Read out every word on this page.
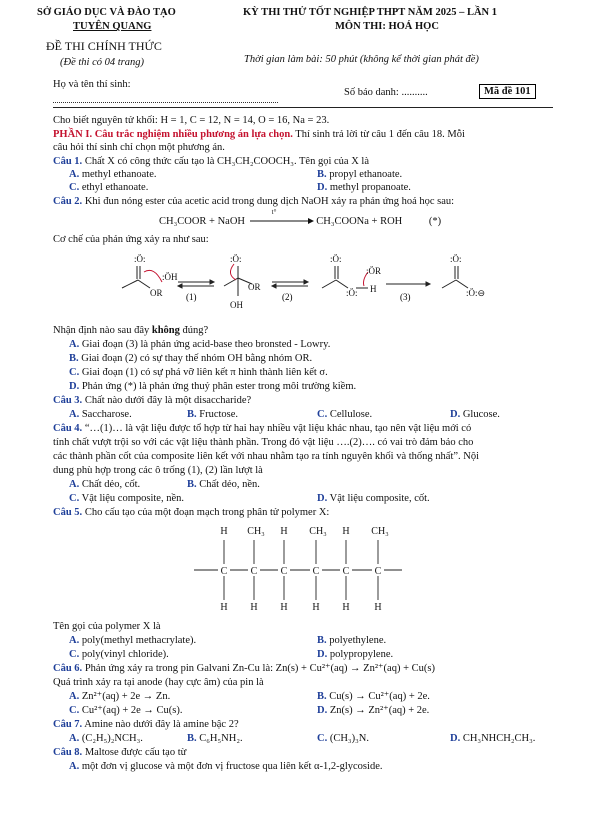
SỞ GIÁO DỤC VÀ ĐÀO TẠO
TUYÊN QUANG
ĐỀ THI CHÍNH THỨC
(Đề thi có 04 trang)
KỲ THI THỬ TỐT NGHIỆP THPT NĂM 2025 – LẦN 1
MÔN THI: HOÁ HỌC
Thời gian làm bài: 50 phút (không kể thời gian phát đề)
Họ và tên thí sinh:
Số báo danh: ..........	Mã đề 101
Cho biết nguyên tử khối: H = 1, C = 12, N = 14, O = 16, Na = 23.
PHẦN I. Câu trắc nghiệm nhiều phương án lựa chọn. Thí sinh trả lời từ câu 1 đến câu 18. Mỗi
câu hỏi thí sinh chỉ chọn một phương án.
Câu 1. Chất X có công thức cấu tạo là CH₃CH₂COOCH₃. Tên gọi của X là
A. methyl ethanoate.	B. propyl ethanoate.
C. ethyl ethanoate.	D. methyl propanoate.
Câu 2. Khi đun nóng ester của acetic acid trong dung dịch NaOH xảy ra phản ứng hoá học sau:
CH₃COOR + NaOH
t°
CH₃COONa + ROH	(*)
Cơ chế của phản ứng xảy ra như sau:
:Ö:
OR
:ÖH
:Ö:
OR
OH
:Ö:
:Ö: H
:ÖR
:Ö:
:Ö:⊖
(1)	(2)	(3)
Nhận định nào sau đây không đúng?
A. Giai đoạn (3) là phản ứng acid-base theo bronsted - Lowry.
B. Giai đoạn (2) có sự thay thế nhóm OH bằng nhóm OR.
C. Giai đoạn (1) có sự phá vỡ liên kết π hình thành liên kết σ.
D. Phản ứng (*) là phản ứng thuỷ phân ester trong môi trường kiềm.
Câu 3. Chất nào dưới đây là một disaccharide?
A. Saccharose.	B. Fructose.	C. Cellulose.	D. Glucose.
Câu 4. “…(1)… là vật liệu được tổ hợp từ hai hay nhiều vật liệu khác nhau, tạo nên vật liệu mới có
tính chất vượt trội so với các vật liệu thành phần. Trong đó vật liệu ….(2)…. có vai trò đảm bảo cho
các thành phần cốt của composite liên kết với nhau nhằm tạo ra tính nguyên khối và thống nhất”. Nội
dung phù hợp trong các ô trống (1), (2) lần lượt là
A. Chất dẻo, cốt.	B. Chất dẻo, nền.
C. Vật liệu composite, nền.	D. Vật liệu composite, cốt.
Câu 5. Cho cấu tạo của một đoạn mạch trong phân tử polymer X:
H CH₃ H CH₃ H CH₃
C C C	C C	C
H H H H H H
Tên gọi của polymer X là
A. poly(methyl methacrylate).	B. polyethylene.
C. poly(vinyl chloride).	D. polypropylene.
Câu 6. Phản ứng xảy ra trong pin Galvani Zn-Cu là: Zn(s) + Cu²⁺(aq) → Zn²⁺(aq) + Cu(s)
Quá trình xảy ra tại anode (hay cực âm) của pin là
A. Zn²⁺(aq) + 2e → Zn.	B. Cu(s) → Cu²⁺(aq) + 2e.
C. Cu²⁺(aq) + 2e → Cu(s).	D. Zn(s) → Zn²⁺(aq) + 2e.
Câu 7. Amine nào dưới đây là amine bậc 2?
A. (C₂H₅)₂NCH₃.	B. C₆H₅NH₂.	C. (CH₃)₃N.	D. CH₃NHCH₂CH₃.
Câu 8. Maltose được cấu tạo từ
A. một đơn vị glucose và một đơn vị fructose qua liên kết α-1,2-glycoside.
